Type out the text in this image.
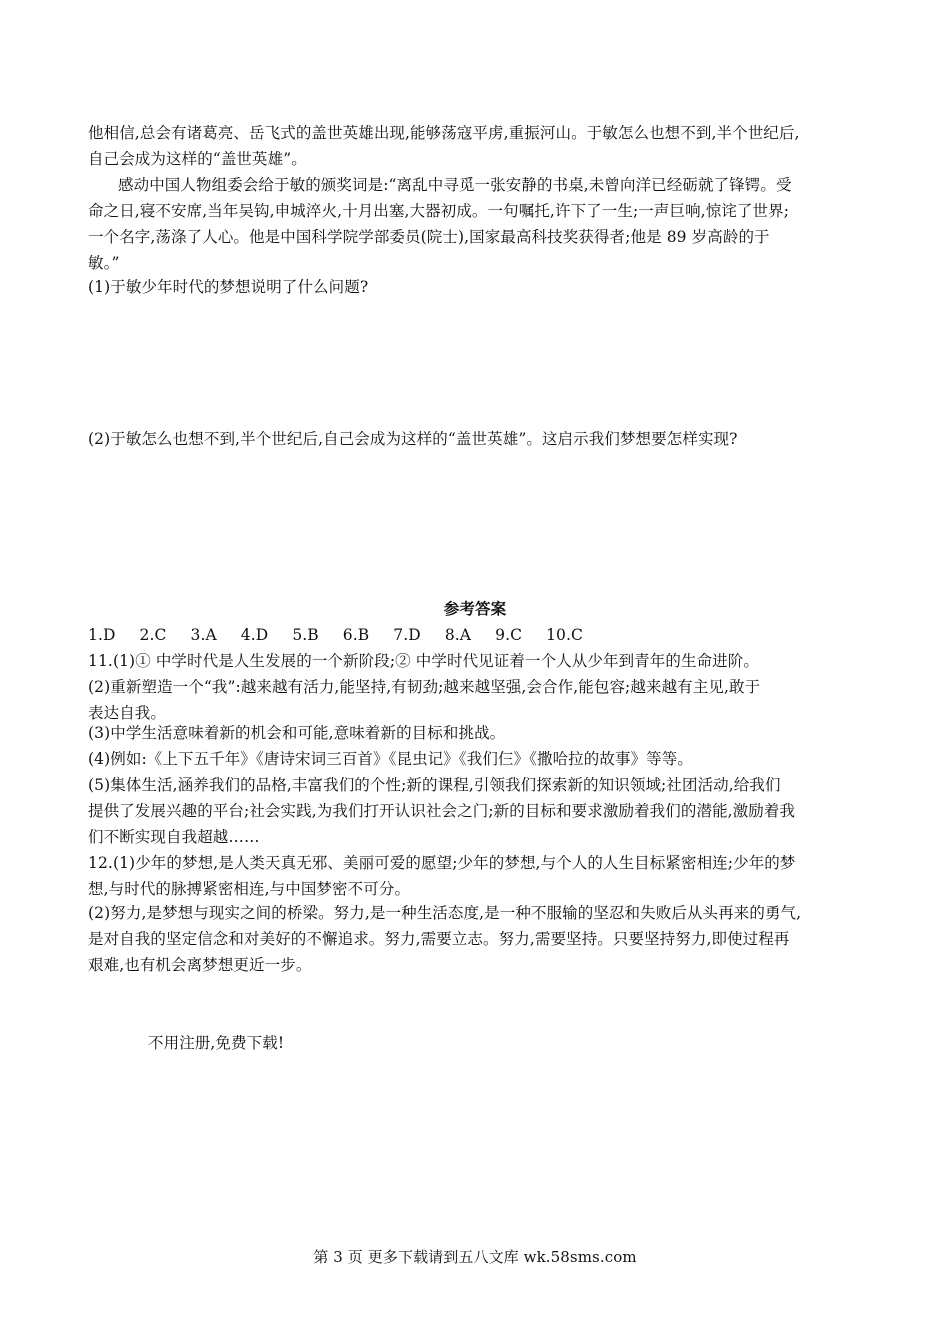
他相信,总会有诸葛亮、岳飞式的盖世英雄出现,能够荡寇平虏,重振河山。于敏怎么也想不到,半个世纪后,
自己会成为这样的“盖世英雄”。
感动中国人物组委会给于敏的颁奖词是:“离乱中寻觅一张安静的书桌,未曾向洋已经砺就了锋锷。受
命之日,寝不安席,当年吴钩,申城淬火,十月出塞,大器初成。一句嘱托,许下了一生;一声巨响,惊诧了世界;
一个名字,荡涤了人心。他是中国科学院学部委员(院士),国家最高科技奖获得者;他是 89 岁高龄的于
敏。”
(1)于敏少年时代的梦想说明了什么问题?
(2)于敏怎么也想不到,半个世纪后,自己会成为这样的“盖世英雄”。这启示我们梦想要怎样实现?
参考答案
1.D 2.C 3.A 4.D 5.B 6.B 7.D 8.A 9.C 10.C
11.(1)① 中学时代是人生发展的一个新阶段;② 中学时代见证着一个人从少年到青年的生命进阶。
(2)重新塑造一个“我”:越来越有活力,能坚持,有韧劲;越来越坚强,会合作,能包容;越来越有主见,敢于
表达自我。
(3)中学生活意味着新的机会和可能,意味着新的目标和挑战。
(4)例如:《上下五千年》《唐诗宋词三百首》《昆虫记》《我们仨》《撒哈拉的故事》等等。
(5)集体生活,涵养我们的品格,丰富我们的个性;新的课程,引领我们探索新的知识领域;社团活动,给我们
提供了发展兴趣的平台;社会实践,为我们打开认识社会之门;新的目标和要求激励着我们的潜能,激励着我
们不断实现自我超越……
12.(1)少年的梦想,是人类天真无邪、美丽可爱的愿望;少年的梦想,与个人的人生目标紧密相连;少年的梦
想,与时代的脉搏紧密相连,与中国梦密不可分。
(2)努力,是梦想与现实之间的桥梁。努力,是一种生活态度,是一种不服输的坚忍和失败后从头再来的勇气,
是对自我的坚定信念和对美好的不懈追求。努力,需要立志。努力,需要坚持。只要坚持努力,即使过程再
艰难,也有机会离梦想更近一步。
不用注册,免费下载!
第 3 页 更多下载请到五八文库 wk.58sms.com
